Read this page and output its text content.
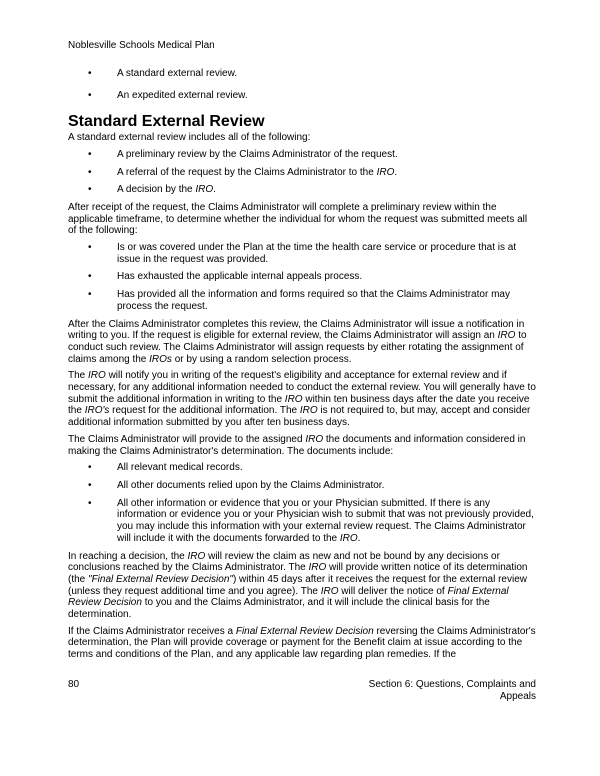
Noblesville Schools Medical Plan
•	A standard external review.
•	An expedited external review.
Standard External Review

A standard external review includes all of the following:

•	A preliminary review by the Claims Administrator of the request.
•	A referral of the request by the Claims Administrator to the IRO.
•	A decision by the IRO.

After receipt of the request, the Claims Administrator will complete a preliminary review within the applicable timeframe, to determine whether the individual for whom the request was submitted meets all of the following:

•	Is or was covered under the Plan at the time the health care service or procedure that is at issue in the request was provided.
•	Has exhausted the applicable internal appeals process.
•	Has provided all the information and forms required so that the Claims Administrator may process the request.

After the Claims Administrator completes this review, the Claims Administrator will issue a notification in writing to you. If the request is eligible for external review, the Claims Administrator will assign an IRO to conduct such review. The Claims Administrator will assign requests by either rotating the assignment of claims among the IROs or by using a random selection process.

The IRO will notify you in writing of the request's eligibility and acceptance for external review and if necessary, for any additional information needed to conduct the external review. You will generally have to submit the additional information in writing to the IRO within ten business days after the date you receive the IRO's request for the additional information. The IRO is not required to, but may, accept and consider additional information submitted by you after ten business days.

The Claims Administrator will provide to the assigned IRO the documents and information considered in making the Claims Administrator's determination. The documents include:

•	All relevant medical records.
•	All other documents relied upon by the Claims Administrator.
•	All other information or evidence that you or your Physician submitted. If there is any information or evidence you or your Physician wish to submit that was not previously provided, you may include this information with your external review request. The Claims Administrator will include it with the documents forwarded to the IRO.

In reaching a decision, the IRO will review the claim as new and not be bound by any decisions or conclusions reached by the Claims Administrator. The IRO will provide written notice of its determination (the "Final External Review Decision") within 45 days after it receives the request for the external review (unless they request additional time and you agree). The IRO will deliver the notice of Final External Review Decision to you and the Claims Administrator, and it will include the clinical basis for the determination.

If the Claims Administrator receives a Final External Review Decision reversing the Claims Administrator's determination, the Plan will provide coverage or payment for the Benefit claim at issue according to the terms and conditions of the Plan, and any applicable law regarding plan remedies. If the

80	Section 6: Questions, Complaints and Appeals
